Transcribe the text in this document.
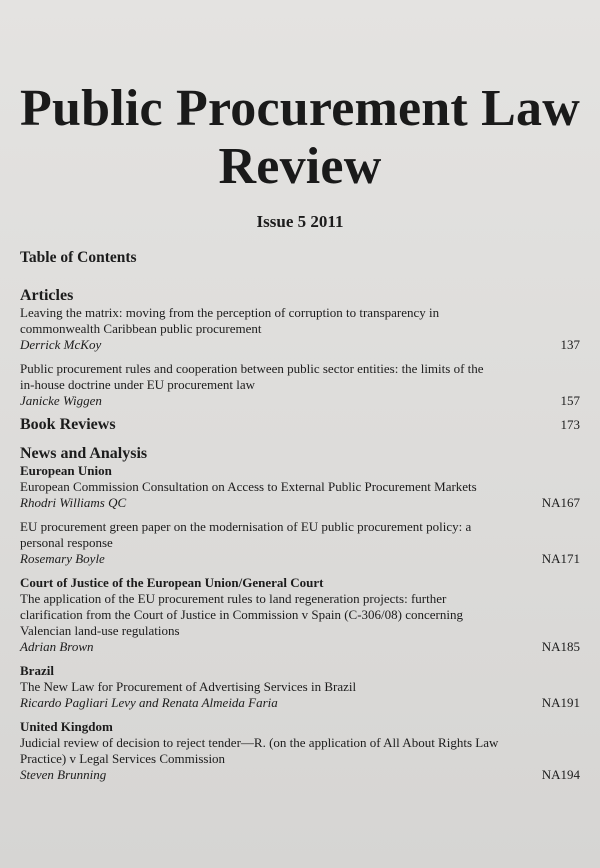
Public Procurement Law
Review
Issue 5 2011
Table of Contents
Articles
Leaving the matrix: moving from the perception of corruption to transparency in commonwealth Caribbean public procurement
Derrick McKoy	137
Public procurement rules and cooperation between public sector entities: the limits of the in-house doctrine under EU procurement law
Janicke Wiggen	157
Book Reviews	173
News and Analysis
European Union
European Commission Consultation on Access to External Public Procurement Markets
Rhodri Williams QC	NA167
EU procurement green paper on the modernisation of EU public procurement policy: a personal response
Rosemary Boyle	NA171
Court of Justice of the European Union/General Court
The application of the EU procurement rules to land regeneration projects: further clarification from the Court of Justice in Commission v Spain (C-306/08) concerning Valencian land-use regulations
Adrian Brown	NA185
Brazil
The New Law for Procurement of Advertising Services in Brazil
Ricardo Pagliari Levy and Renata Almeida Faria	NA191
United Kingdom
Judicial review of decision to reject tender—R. (on the application of All About Rights Law Practice) v Legal Services Commission
Steven Brunning	NA194
